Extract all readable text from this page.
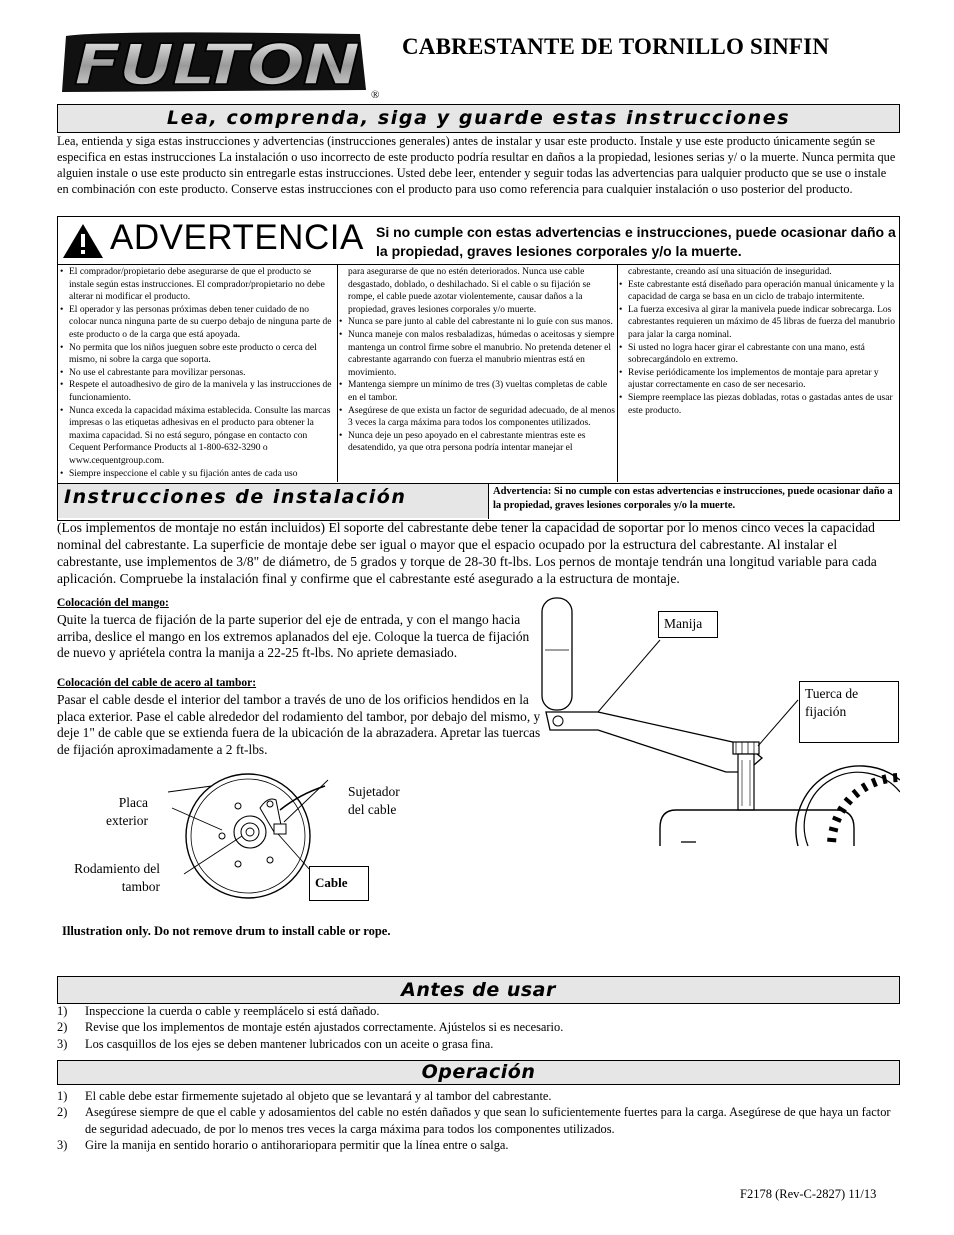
FULTON ®
CABRESTANTE DE TORNILLO SINFIN
Lea, comprenda, siga y guarde estas instrucciones
Lea, entienda y siga estas instrucciones y advertencias (instrucciones generales) antes de instalar y usar este producto. Instale y use este producto únicamente según se especifica en estas instrucciones La instalación o uso incorrecto de este producto podría resultar en daños a la propiedad, lesiones serias y/ o la muerte. Nunca permita que alguien instale o use este producto sin entregarle estas instrucciones. Usted debe leer, entender y seguir todas las advertencias para ualquier producto que se use o instale en combinación con este producto. Conserve estas instrucciones con el producto para uso como referencia para cualquier instalación o uso posterior del producto.
ADVERTENCIA Si no cumple con estas advertencias e instrucciones, puede ocasionar daño a la propiedad, graves lesiones corporales y/o la muerte.
• El comprador/propietario debe asegurarse de que el producto se instale según estas instrucciones. El comprador/propietario no debe alterar ni modificar el producto.
• El operador y las personas próximas deben tener cuidado de no colocar nunca ninguna parte de su cuerpo debajo de ninguna parte de este producto o de la carga que está apoyada.
• No permita que los niños jueguen sobre este producto o cerca del mismo, ni sobre la carga que soporta.
• No use el cabrestante para movilizar personas.
• Respete el autoadhesivo de giro de la manivela y las instrucciones de funcionamiento.
• Nunca exceda la capacidad máxima establecida. Consulte las marcas impresas o las etiquetas adhesivas en el producto para obtener la maxima capacidad. Si no está seguro, póngase en contacto con Cequent Performance Products al 1-800-632-3290 o www.cequentgroup.com.
• Siempre inspeccione el cable y su fijación antes de cada uso
para asegurarse de que no estén deteriorados. Nunca use cable desgastado, doblado, o deshilachado. Si el cable o su fijación se rompe, el cable puede azotar violentemente, causar daños a la propiedad, graves lesiones corporales y/o muerte.
• Nunca se pare junto al cable del cabrestante ni lo guíe con sus manos.
• Nunca maneje con malos resbaladizas, húmedas o aceitosas y siempre mantenga un control firme sobre el manubrio. No pretenda detener el cabrestante agarrando con fuerza el manubrio mientras está en movimiento.
• Mantenga siempre un mínimo de tres (3) vueltas completas de cable en el tambor.
• Asegúrese de que exista un factor de seguridad adecuado, de al menos 3 veces la carga máxima para todos los componentes utilizados.
• Nunca deje un peso apoyado en el cabrestante mientras este es desatendido, ya que otra persona podría intentar manejar el
cabrestante, creando así una situación de inseguridad.
• Este cabrestante está diseñado para operación manual únicamente y la capacidad de carga se basa en un ciclo de trabajo intermitente.
• La fuerza excesiva al girar la manivela puede indicar sobrecarga. Los cabrestantes requieren un máximo de 45 libras de fuerza del manubrio para jalar la carga nominal.
• Si usted no logra hacer girar el cabrestante con una mano, está sobrecargándolo en extremo.
• Revise periódicamente los implementos de montaje para apretar y ajustar correctamente en caso de ser necesario.
• Siempre reemplace las piezas dobladas, rotas o gastadas antes de usar este producto.
Instrucciones de instalación	Advertencia: Si no cumple con estas advertencias e instrucciones, puede ocasionar daño a la propiedad, graves lesiones corporales y/o la muerte.
(Los implementos de montaje no están incluidos) El soporte del cabrestante debe tener la capacidad de soportar por lo menos cinco veces la capacidad nominal del cabrestante. La superficie de montaje debe ser igual o mayor que el espacio ocupado por la estructura del cabrestante. Al instalar el cabrestante, use implementos de 3/8" de diámetro, de 5 grados y torque de 28-30 ft-lbs. Los pernos de montaje tendrán una longitud variable para cada aplicación. Compruebe la instalación final y confirme que el cabrestante esté asegurado a la estructura de montaje.
Colocación del mango:
Quite la tuerca de fijación de la parte superior del eje de entrada, y con el mango hacia arriba, deslice el mango en los extremos aplanados del eje. Coloque la tuerca de fijación de nuevo y apriételа contra la manija a 22-25 ft-lbs. No apriete demasiado.
Colocación del cable de acero al tambor:
Pasar el cable desde el interior del tambor a través de uno de los orificios hendidos en la placa exterior. Pase el cable alrededor del rodamiento del tambor, por debajo del mismo, y deje 1" de cable que se extienda fuera de la ubicación de la abrazadera. Apretar las tuercas de fijación aproximadamente a 2 ft-lbs.
Manija
Tuerca de fijación
Placa exterior
Sujetador del cable
Rodamiento del tambor	Cable
Illustration only. Do not remove drum to install cable or rope.
Antes de usar
1)	Inspeccione la cuerda o cable y reemplácelo si está dañado.
2)	Revise que los implementos de montaje estén ajustados correctamente. Ajústelos si es necesario.
3)	Los casquillos de los ejes se deben mantener lubricados con un aceite o grasa fina.
Operación
1)	El cable debe estar firmemente sujetado al objeto que se levantará y al tambor del cabrestante.
2)	Asegúrese siempre de que el cable y adosamientos del cable no estén dañados y que sean lo suficientemente fuertes para la carga. Asegúrese de que haya un factor de seguridad adecuado, de por lo menos tres veces la carga máxima para todos los componentes utilizados.
3)	Gire la manija en sentido horario o antihorariopara permitir que la línea entre o salga.
F2178 (Rev-C-2827) 11/13
